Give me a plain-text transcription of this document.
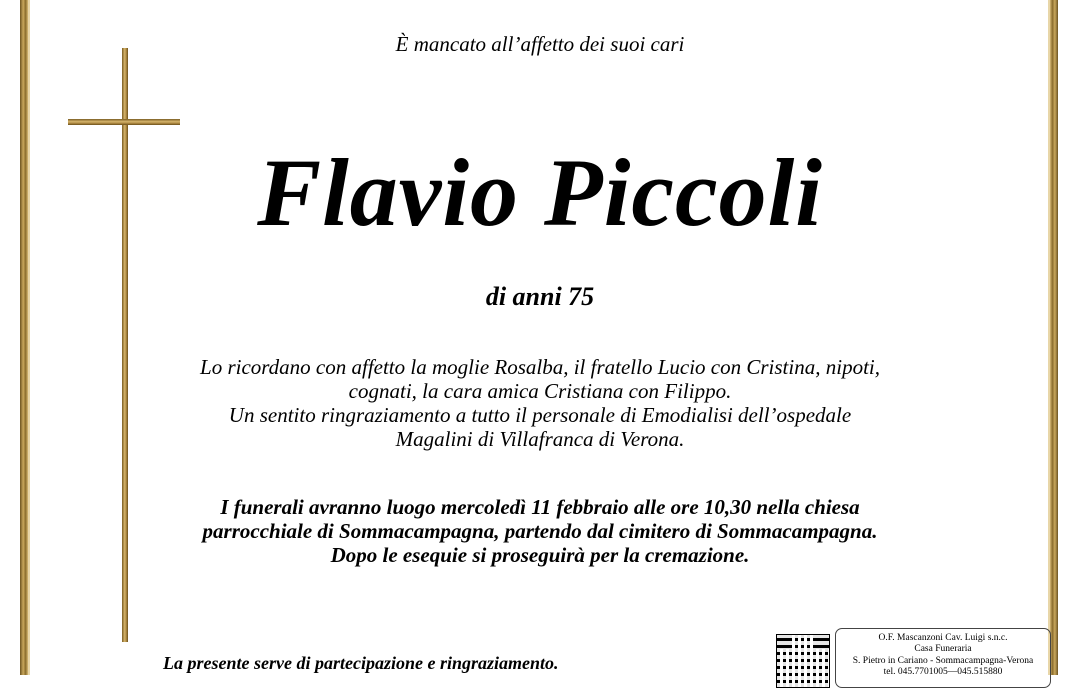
È mancato all’affetto dei suoi cari
Flavio Piccoli
di anni 75
Lo ricordano con affetto la moglie Rosalba, il fratello Lucio con Cristina, nipoti,
cognati, la cara amica Cristiana con Filippo.
Un sentito ringraziamento a tutto il personale di Emodialisi dell’ospedale
Magalini di Villafranca di Verona.
I funerali avranno luogo mercoledì 11 febbraio alle ore 10,30 nella chiesa
parrocchiale di Sommacampagna, partendo dal cimitero di Sommacampagna.
Dopo le esequie si proseguirà per la cremazione.
La presente serve di partecipazione e ringraziamento.
O.F. Mascanzoni Cav. Luigi s.n.c.
Casa Funeraria
S. Pietro in Cariano - Sommacampagna-Verona
tel. 045.7701005—045.515880
